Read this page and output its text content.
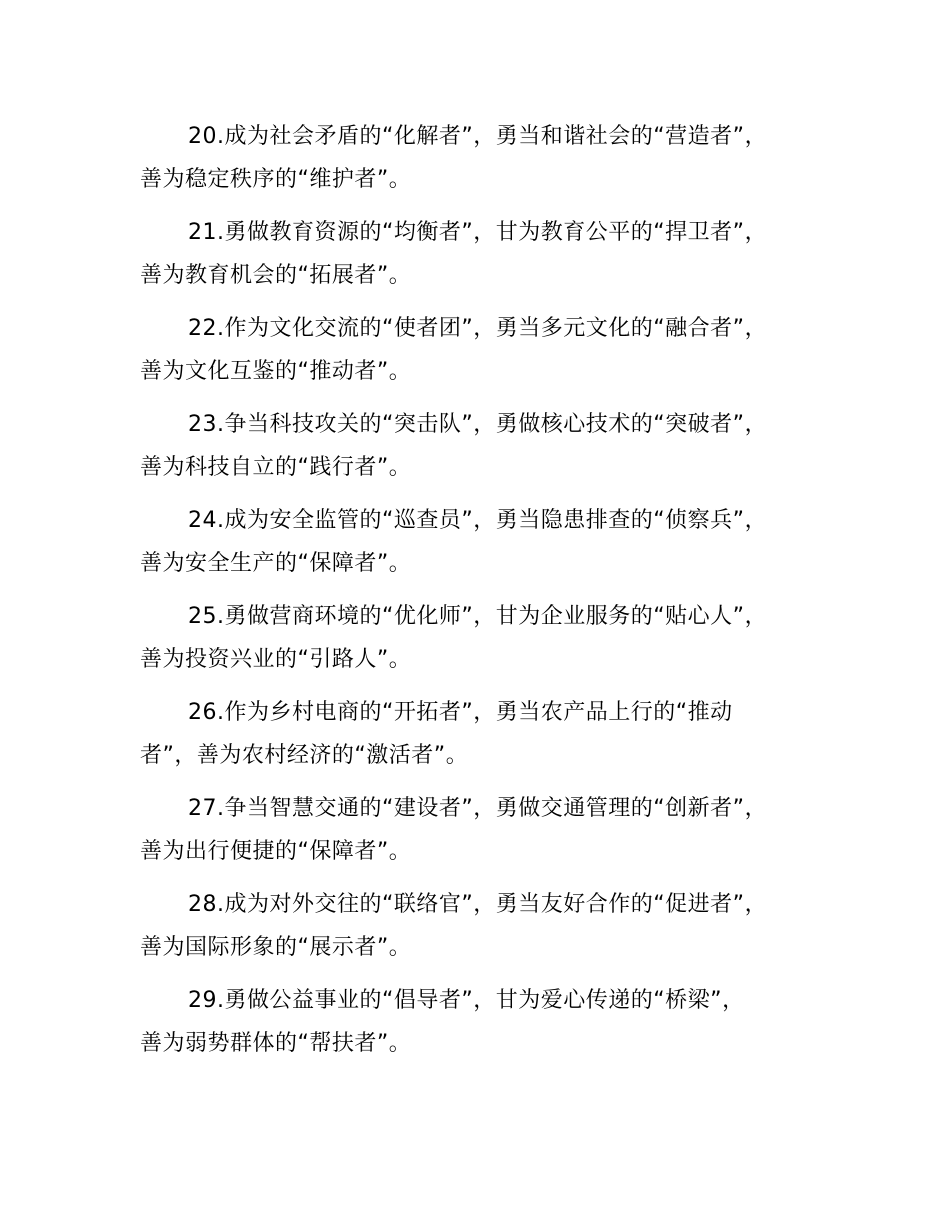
20.成为社会矛盾的“化解者”，勇当和谐社会的“营造者”，
善为稳定秩序的“维护者”。

21.勇做教育资源的“均衡者”，甘为教育公平的“捍卫者”，
善为教育机会的“拓展者”。

22.作为文化交流的“使者团”，勇当多元文化的“融合者”，
善为文化互鉴的“推动者”。

23.争当科技攻关的“突击队”，勇做核心技术的“突破者”，
善为科技自立的“践行者”。

24.成为安全监管的“巡查员”，勇当隐患排查的“侦察兵”，
善为安全生产的“保障者”。

25.勇做营商环境的“优化师”，甘为企业服务的“贴心人”，
善为投资兴业的“引路人”。

26.作为乡村电商的“开拓者”，勇当农产品上行的“推动
者”，善为农村经济的“激活者”。

27.争当智慧交通的“建设者”，勇做交通管理的“创新者”，
善为出行便捷的“保障者”。

28.成为对外交往的“联络官”，勇当友好合作的“促进者”，
善为国际形象的“展示者”。

29.勇做公益事业的“倡导者”，甘为爱心传递的“桥梁”，
善为弱势群体的“帮扶者”。
